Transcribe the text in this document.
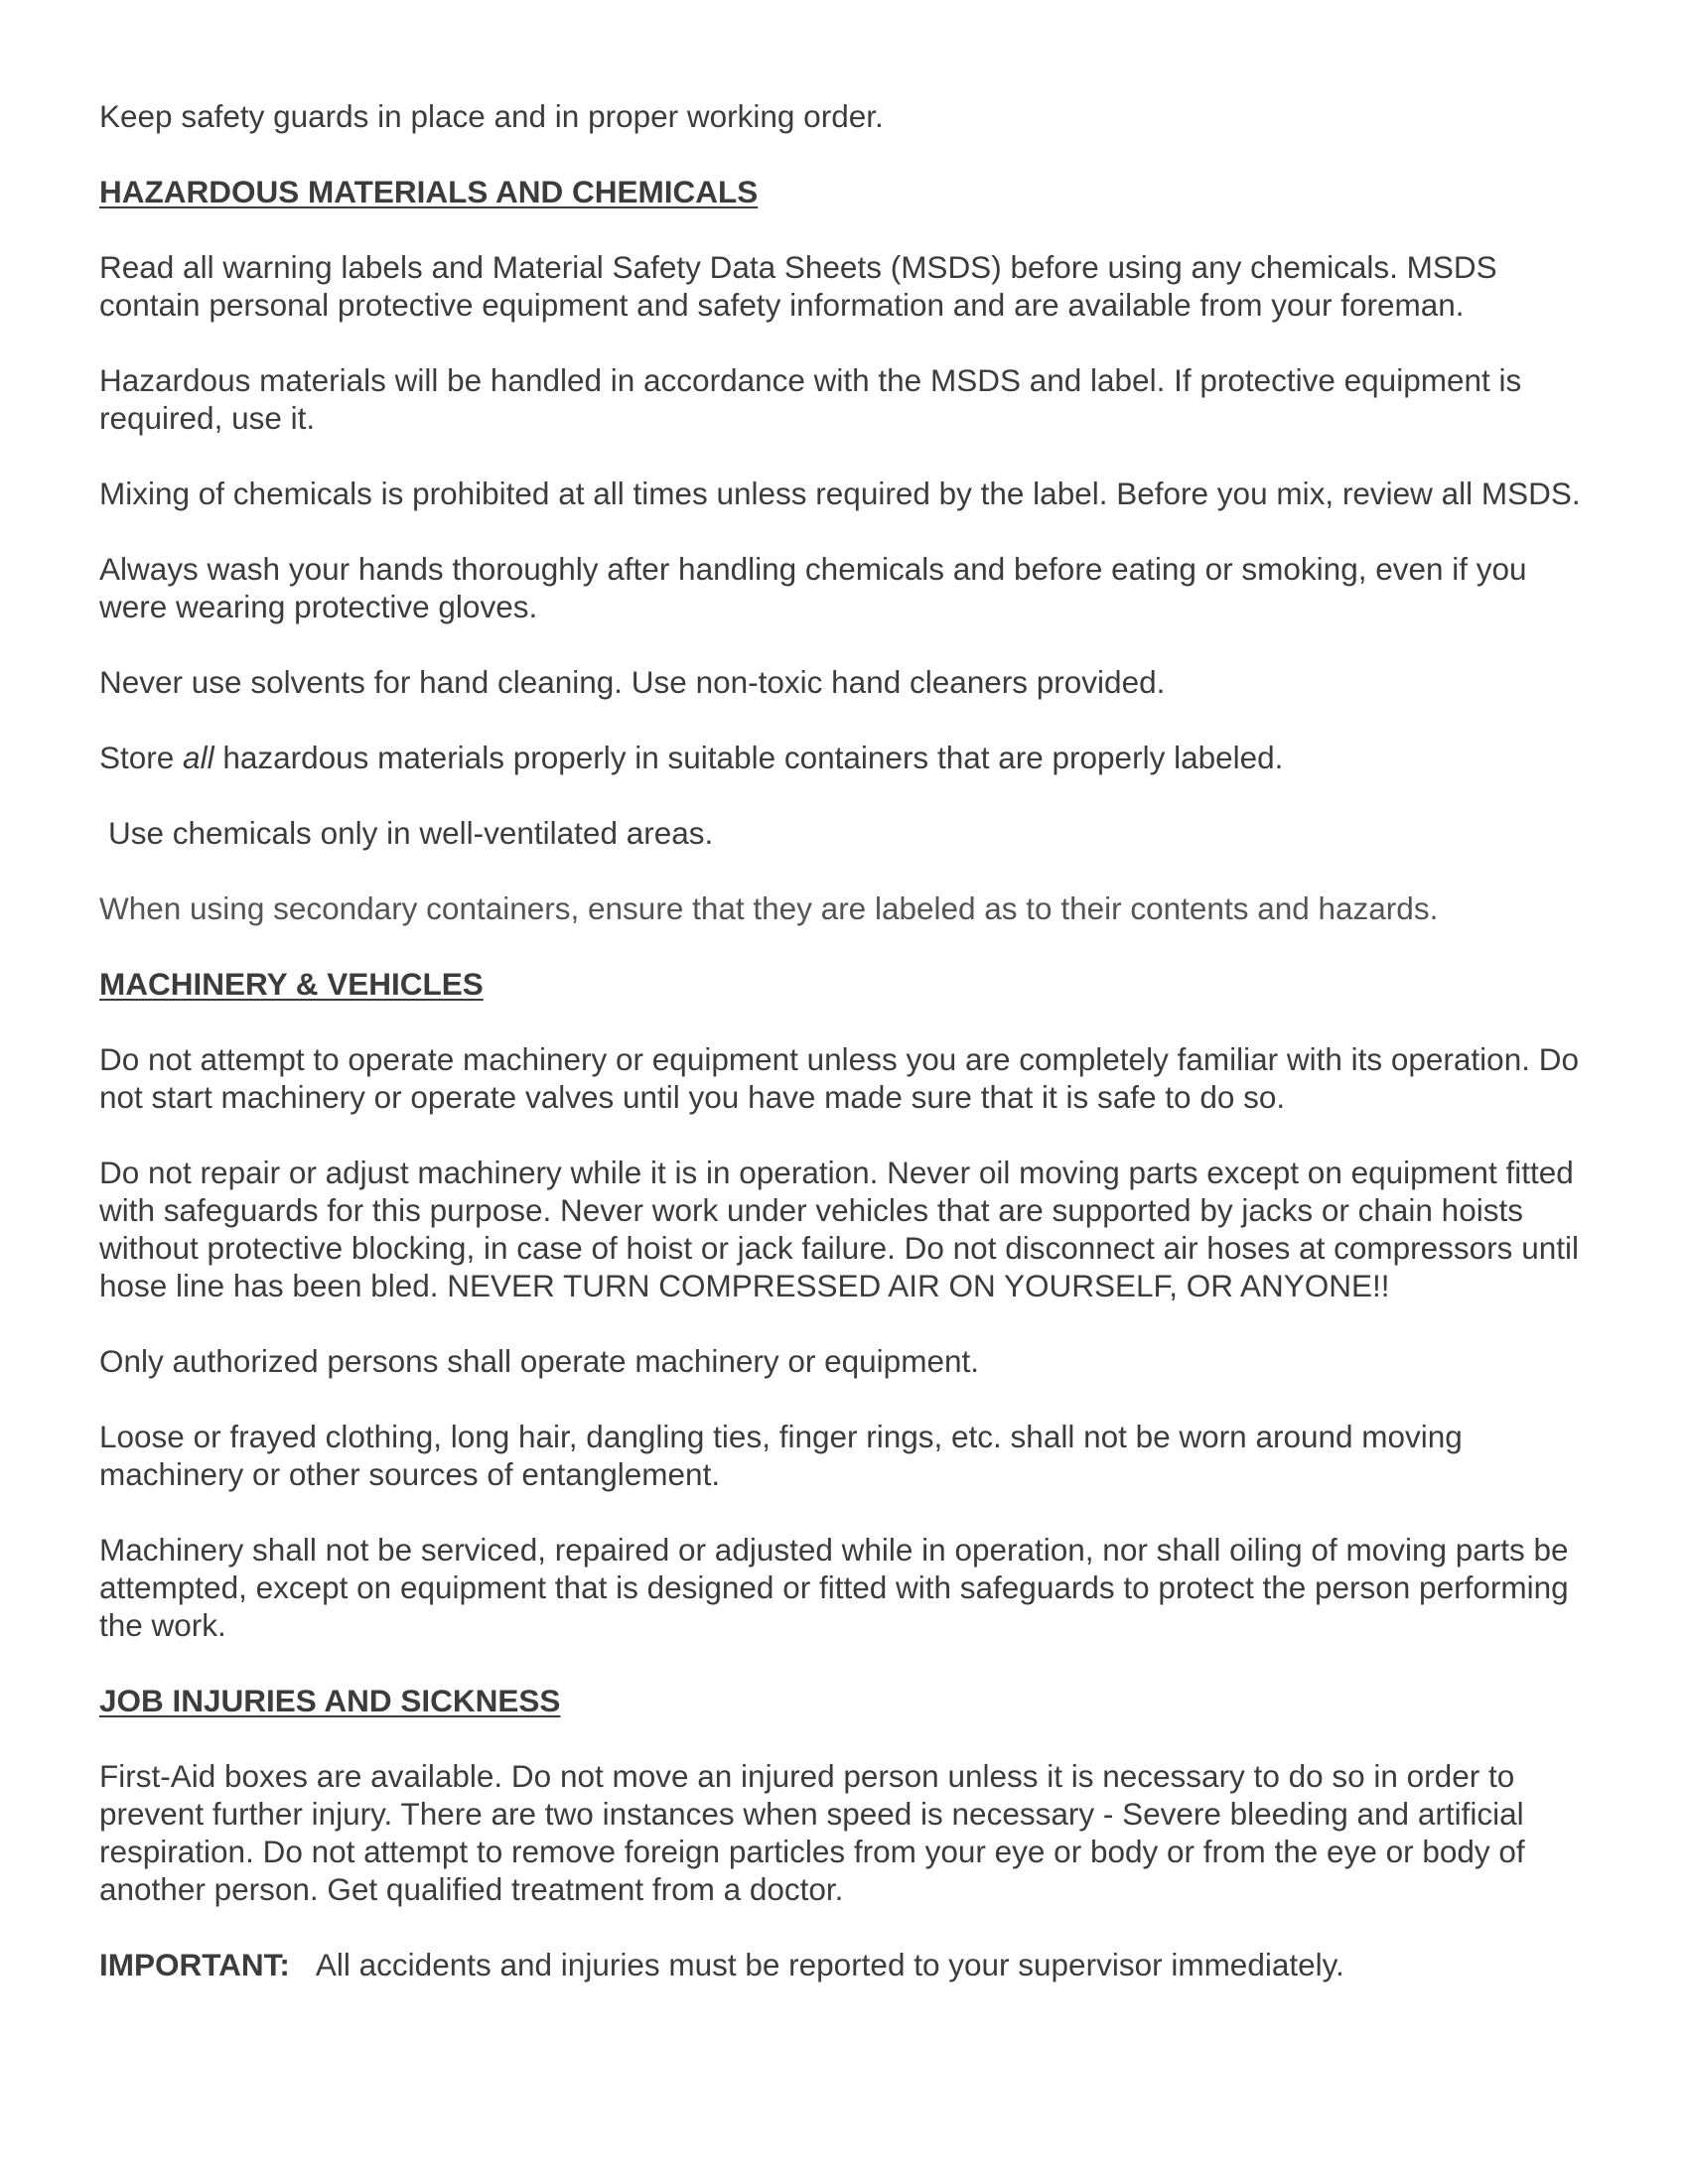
Keep safety guards in place and in proper working order.

HAZARDOUS MATERIALS AND CHEMICALS

Read all warning labels and Material Safety Data Sheets (MSDS) before using any chemicals. MSDS contain personal protective equipment and safety information and are available from your foreman.

Hazardous materials will be handled in accordance with the MSDS and label. If protective equipment is required, use it.

Mixing of chemicals is prohibited at all times unless required by the label. Before you mix, review all MSDS.

Always wash your hands thoroughly after handling chemicals and before eating or smoking, even if you were wearing protective gloves.

Never use solvents for hand cleaning. Use non-toxic hand cleaners provided.

Store all hazardous materials properly in suitable containers that are properly labeled.

Use chemicals only in well-ventilated areas.

When using secondary containers, ensure that they are labeled as to their contents and hazards.

MACHINERY & VEHICLES

Do not attempt to operate machinery or equipment unless you are completely familiar with its operation. Do not start machinery or operate valves until you have made sure that it is safe to do so.

Do not repair or adjust machinery while it is in operation. Never oil moving parts except on equipment fitted with safeguards for this purpose. Never work under vehicles that are supported by jacks or chain hoists without protective blocking, in case of hoist or jack failure. Do not disconnect air hoses at compressors until hose line has been bled. NEVER TURN COMPRESSED AIR ON YOURSELF, OR ANYONE!!

Only authorized persons shall operate machinery or equipment.

Loose or frayed clothing, long hair, dangling ties, finger rings, etc. shall not be worn around moving machinery or other sources of entanglement.

Machinery shall not be serviced, repaired or adjusted while in operation, nor shall oiling of moving parts be attempted, except on equipment that is designed or fitted with safeguards to protect the person performing the work.

JOB INJURIES AND SICKNESS

First-Aid boxes are available. Do not move an injured person unless it is necessary to do so in order to prevent further injury. There are two instances when speed is necessary - Severe bleeding and artificial respiration. Do not attempt to remove foreign particles from your eye or body or from the eye or body of another person. Get qualified treatment from a doctor.

IMPORTANT: All accidents and injuries must be reported to your supervisor immediately.
